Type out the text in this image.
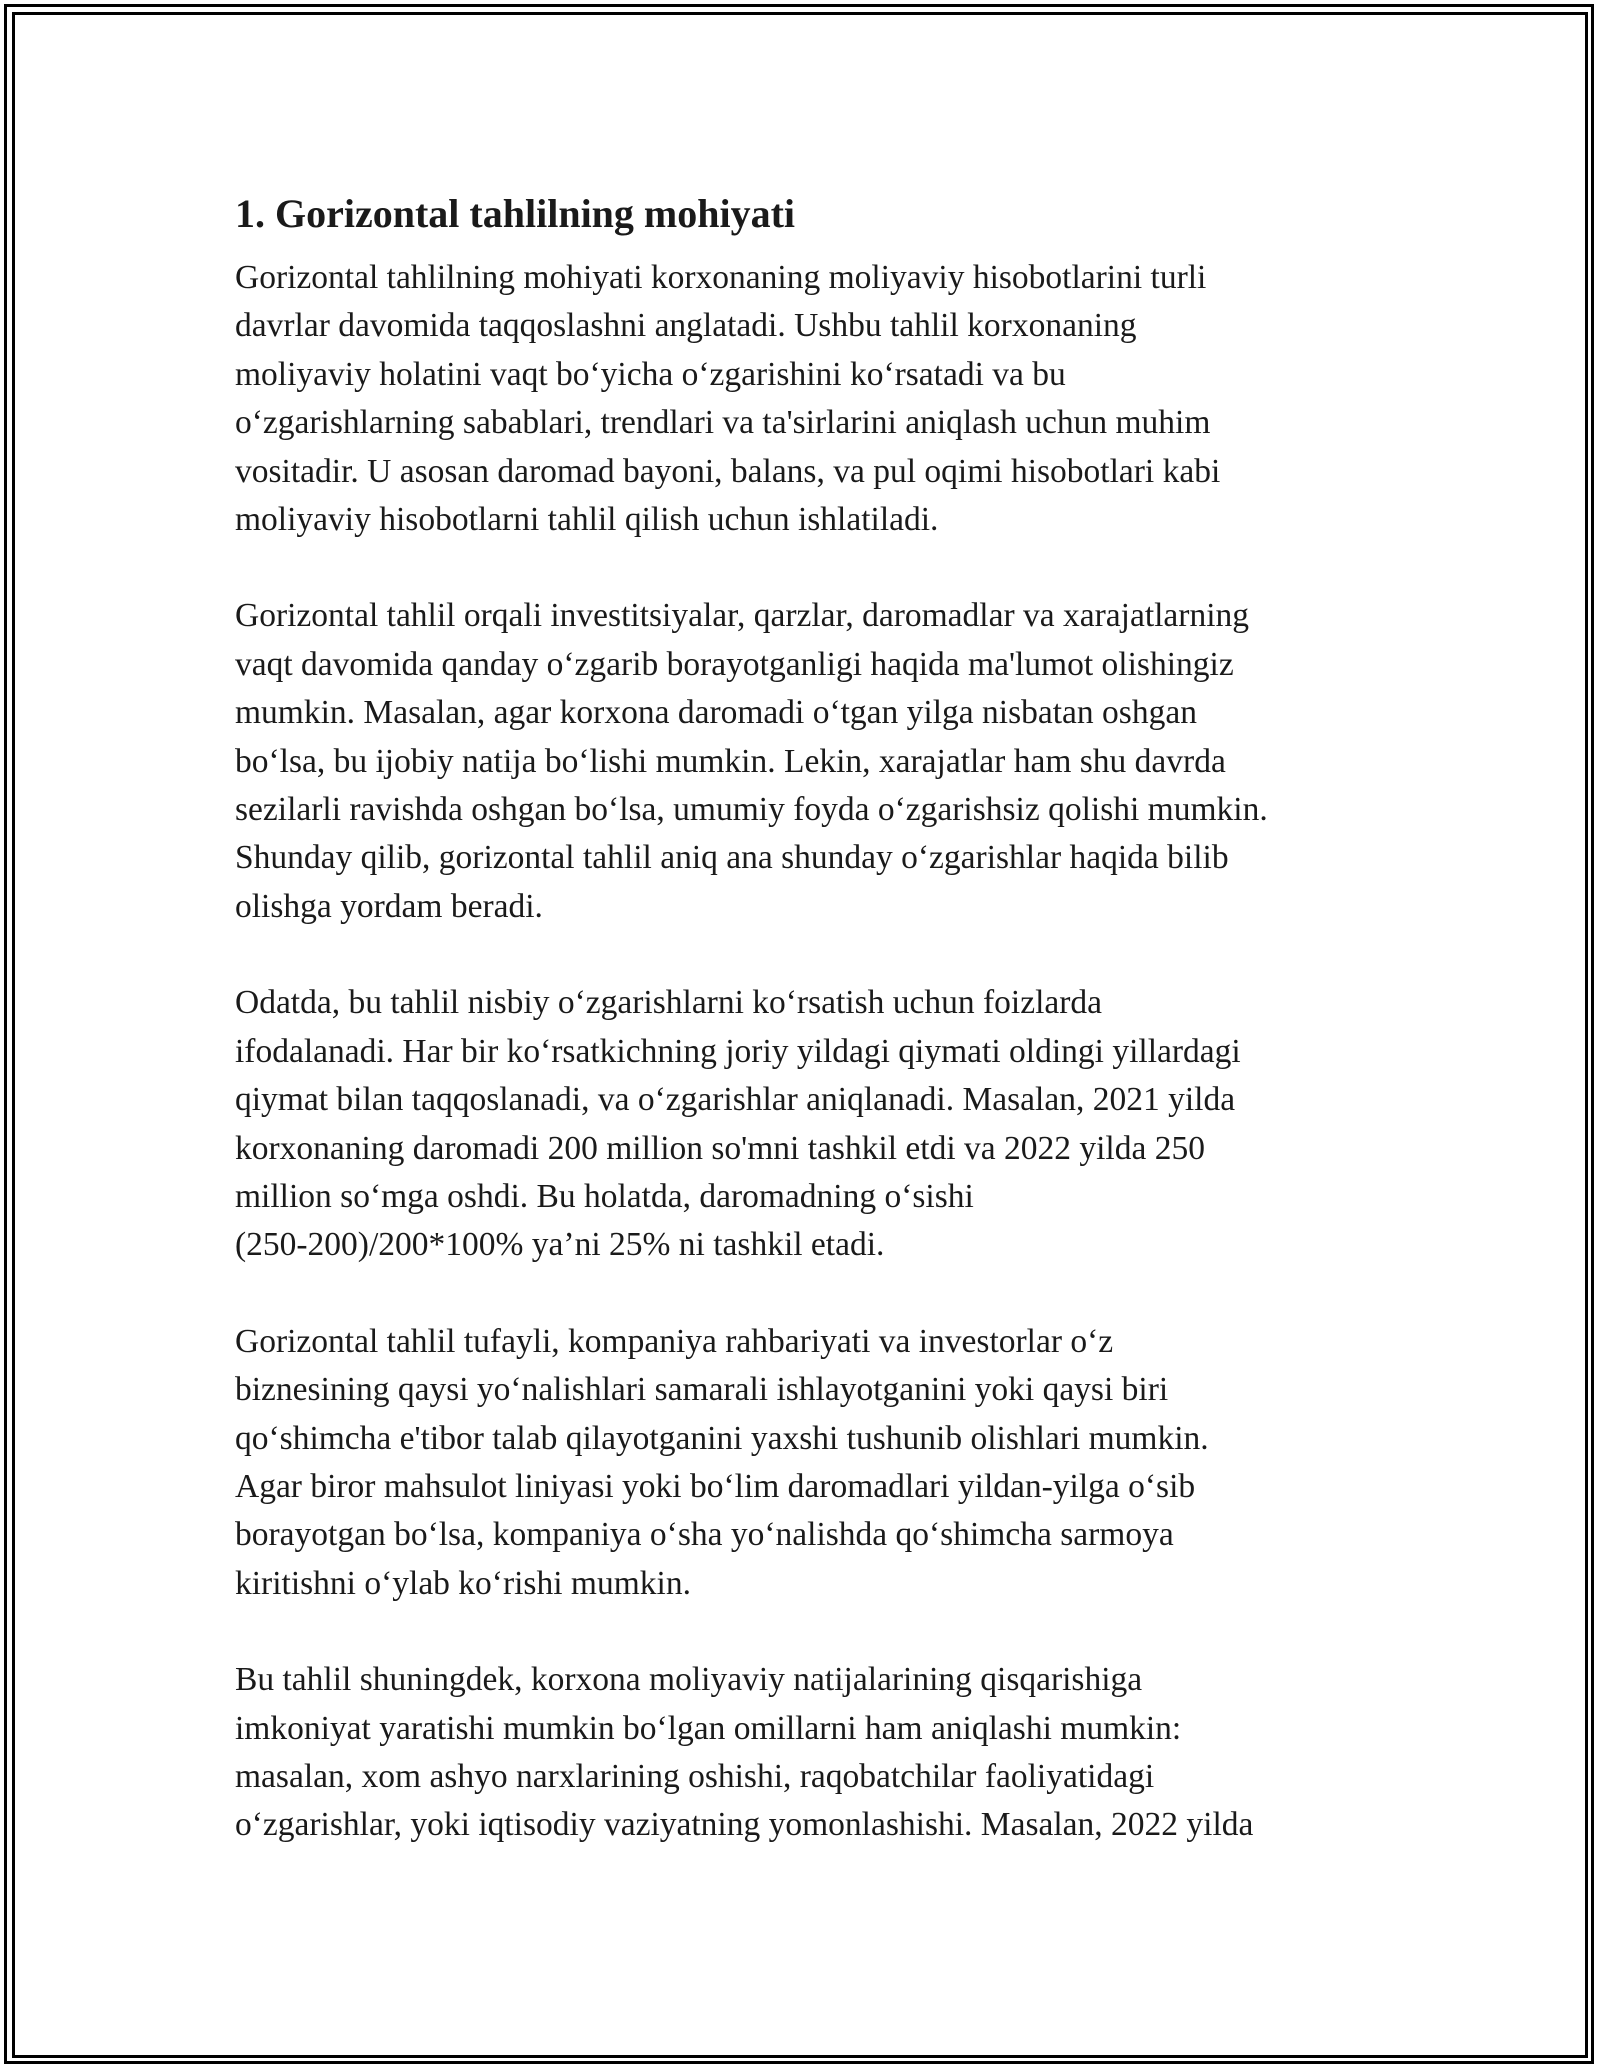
1. Gorizontal tahlilning mohiyati

Gorizontal tahlilning mohiyati korxonaning moliyaviy hisobotlarini turli
davrlar davomida taqqoslashni anglatadi. Ushbu tahlil korxonaning
moliyaviy holatini vaqt bo‘yicha o‘zgarishini ko‘rsatadi va bu
o‘zgarishlarning sabablari, trendlari va ta'sirlarini aniqlash uchun muhim
vositadir. U asosan daromad bayoni, balans, va pul oqimi hisobotlari kabi
moliyaviy hisobotlarni tahlil qilish uchun ishlatiladi.

Gorizontal tahlil orqali investitsiyalar, qarzlar, daromadlar va xarajatlarning
vaqt davomida qanday o‘zgarib borayotganligi haqida ma'lumot olishingiz
mumkin. Masalan, agar korxona daromadi o‘tgan yilga nisbatan oshgan
bo‘lsa, bu ijobiy natija bo‘lishi mumkin. Lekin, xarajatlar ham shu davrda
sezilarli ravishda oshgan bo‘lsa, umumiy foyda o‘zgarishsiz qolishi mumkin.
Shunday qilib, gorizontal tahlil aniq ana shunday o‘zgarishlar haqida bilib
olishga yordam beradi.

Odatda, bu tahlil nisbiy o‘zgarishlarni ko‘rsatish uchun foizlarda
ifodalanadi. Har bir ko‘rsatkichning joriy yildagi qiymati oldingi yillardagi
qiymat bilan taqqoslanadi, va o‘zgarishlar aniqlanadi. Masalan, 2021 yilda
korxonaning daromadi 200 million so'mni tashkil etdi va 2022 yilda 250
million so‘mga oshdi. Bu holatda, daromadning o‘sishi
(250-200)/200*100% ya’ni 25% ni tashkil etadi.

Gorizontal tahlil tufayli, kompaniya rahbariyati va investorlar o‘z
biznesining qaysi yo‘nalishlari samarali ishlayotganini yoki qaysi biri
qo‘shimcha e'tibor talab qilayotganini yaxshi tushunib olishlari mumkin.
Agar biror mahsulot liniyasi yoki bo‘lim daromadlari yildan-yilga o‘sib
borayotgan bo‘lsa, kompaniya o‘sha yo‘nalishda qo‘shimcha sarmoya
kiritishni o‘ylab ko‘rishi mumkin.

Bu tahlil shuningdek, korxona moliyaviy natijalarining qisqarishiga
imkoniyat yaratishi mumkin bo‘lgan omillarni ham aniqlashi mumkin:
masalan, xom ashyo narxlarining oshishi, raqobatchilar faoliyatidagi
o‘zgarishlar, yoki iqtisodiy vaziyatning yomonlashishi. Masalan, 2022 yilda
